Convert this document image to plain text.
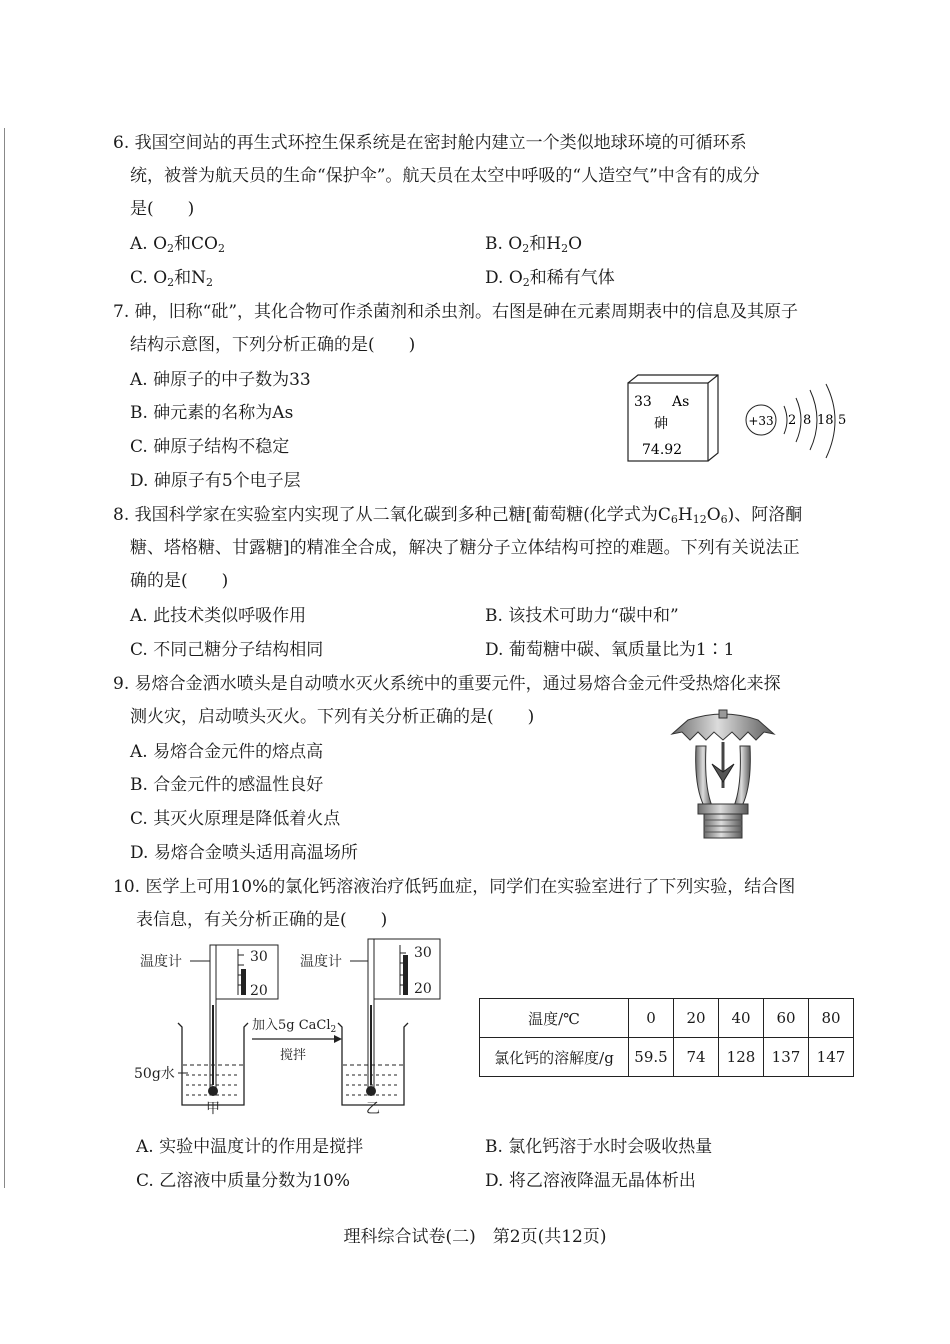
6. 我国空间站的再生式环控生保系统是在密封舱内建立一个类似地球环境的可循环系
统，被誉为航天员的生命“保护伞”。航天员在太空中呼吸的“人造空气”中含有的成分
是(　　)
A. $O_2$和$CO_2$	B. $O_2$和$H_2O$
C. $O_2$和$N_2$	D. $O_2$和稀有气体
7. 砷，旧称“砒”，其化合物可作杀菌剂和杀虫剂。右图是砷在元素周期表中的信息及其原子
结构示意图，下列分析正确的是(　　)
A. 砷原子的中子数为33
B. 砷元素的名称为As
C. 砷原子结构不稳定
D. 砷原子有5个电子层
33 As
砷
74.92
+33 2 8 18 5
8. 我国科学家在实验室内实现了从二氧化碳到多种己糖[葡萄糖(化学式为$C_6H_{12}O_6$)、阿洛酮
糖、塔格糖、甘露糖]的精准全合成，解决了糖分子立体结构可控的难题。下列有关说法正
确的是(　　)
A. 此技术类似呼吸作用	B. 该技术可助力“碳中和”
C. 不同己糖分子结构相同	D. 葡萄糖中碳、氧质量比为1∶1
9. 易熔合金洒水喷头是自动喷水灭火系统中的重要元件，通过易熔合金元件受热熔化来探
测火灾，启动喷头灭火。下列有关分析正确的是(　　)
A. 易熔合金元件的熔点高
B. 合金元件的感温性良好
C. 其灭火原理是降低着火点
D. 易熔合金喷头适用高温场所
10. 医学上可用10%的氯化钙溶液治疗低钙血症，同学们在实验室进行了下列实验，结合图
表信息，有关分析正确的是(　　)
温度计	30
20
50g水
甲
温度计
30
20
乙
加入5g CaCl$_2$
搅拌
温度/℃	0	20	40	60	80
氯化钙的溶解度/g	59.5	74	128	137	147
A. 实验中温度计的作用是搅拌	B. 氯化钙溶于水时会吸收热量
C. 乙溶液中质量分数为10%	D. 将乙溶液降温无晶体析出
理科综合试卷(二)　第2页(共12页)
